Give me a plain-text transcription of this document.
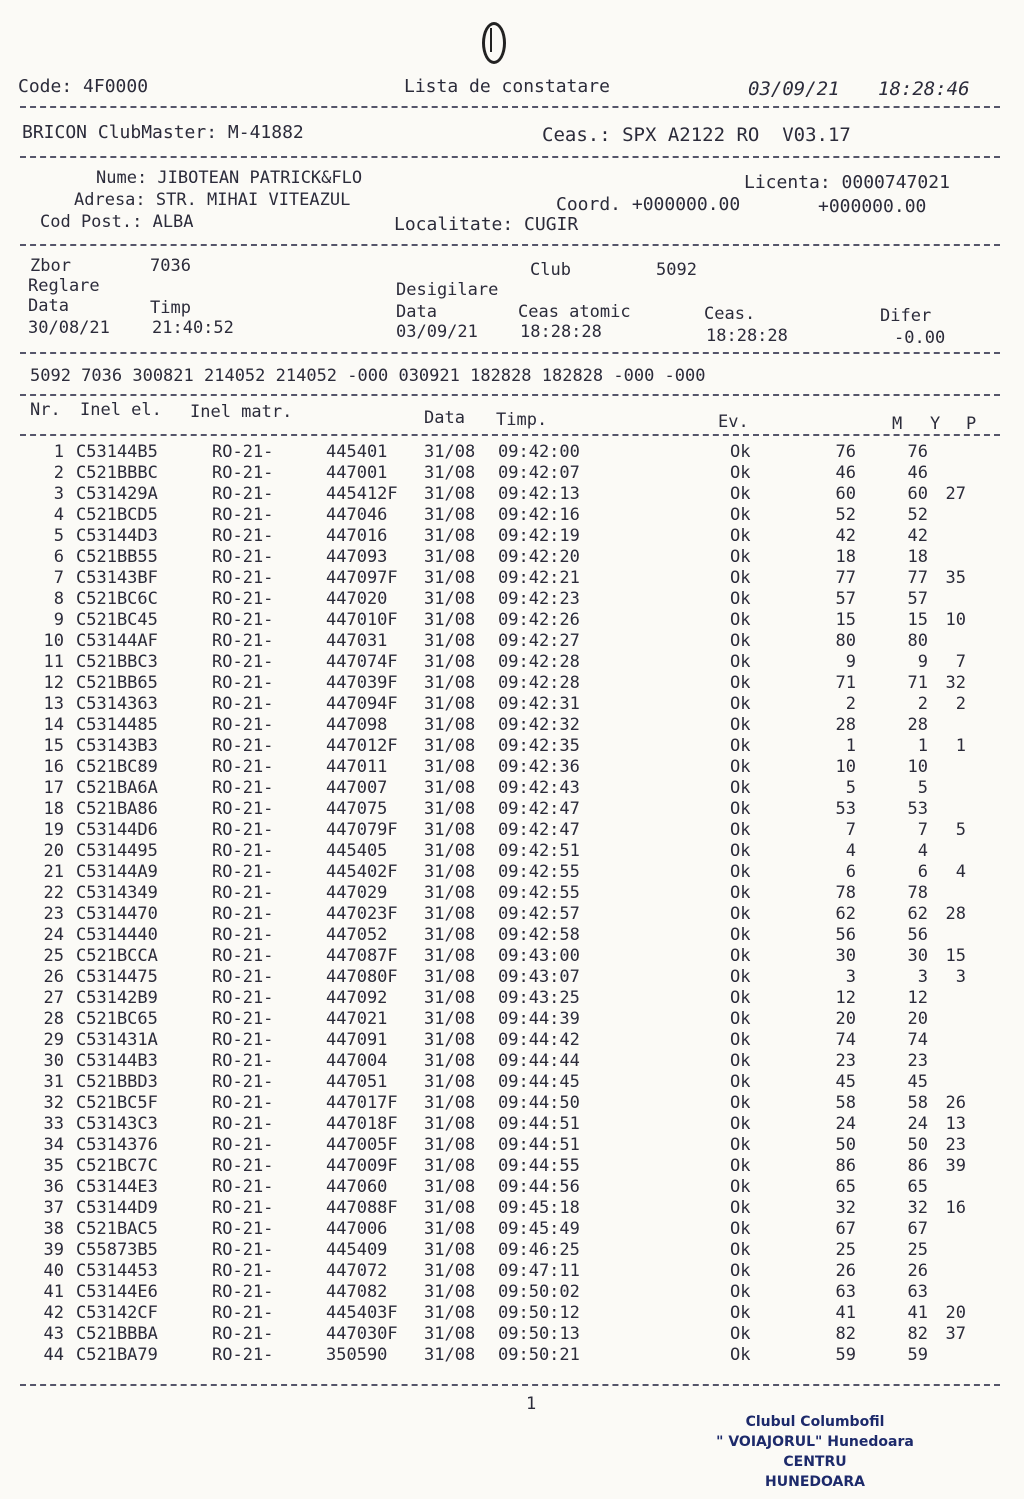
Code: 4F0000	Lista de constatare	03/09/21 18:28:46
BRICON ClubMaster: M-41882	Ceas.: SPX A2122 RO  V03.17
Nume: JIBOTEAN PATRICK&FLO	Licenta: 0000747021
Adresa: STR. MIHAI VITEAZUL	Coord. +000000.00	+000000.00
Cod Post.: ALBA	Localitate: CUGIR
Zbor	7036	Club	5092
Reglare	Desigilare
Data	Timp	Data	Ceas atomic	Ceas.	Difer
30/08/21 21:40:52	03/09/21 18:28:28	18:28:28	-0.00
5092 7036 300821 214052 214052 -000 030921 182828 182828 -000 -000
Nr. Inel el. Inel matr.	Data Timp.	Ev.	M Y P
1 C53144B5	RO-21-	445401 31/08 09:42:00	Ok	76	76
2 C521BBBC	RO-21-	447001 31/08 09:42:07	Ok	46	46
3 C531429A	RO-21-	445412F 31/08 09:42:13	Ok	60	60	27
4 C521BCD5	RO-21-	447046 31/08 09:42:16	Ok	52	52
5 C53144D3	RO-21-	447016 31/08 09:42:19	Ok	42	42
6 C521BB55	RO-21-	447093 31/08 09:42:20	Ok	18	18
7 C53143BF	RO-21-	447097F 31/08 09:42:21	Ok	77	77	35
8 C521BC6C	RO-21-	447020 31/08 09:42:23	Ok	57	57
9 C521BC45	RO-21-	447010F 31/08 09:42:26	Ok	15	15	10
10 C53144AF	RO-21-	447031 31/08 09:42:27	Ok	80	80
11 C521BBC3	RO-21-	447074F 31/08 09:42:28	Ok	9	9	7
12 C521BB65	RO-21-	447039F 31/08 09:42:28	Ok	71	71	32
13 C5314363	RO-21-	447094F 31/08 09:42:31	Ok	2	2	2
14 C5314485	RO-21-	447098 31/08 09:42:32	Ok	28	28
15 C53143B3	RO-21-	447012F 31/08 09:42:35	Ok	1	1	1
16 C521BC89	RO-21-	447011 31/08 09:42:36	Ok	10	10
17 C521BA6A	RO-21-	447007 31/08 09:42:43	Ok	5	5
18 C521BA86	RO-21-	447075 31/08 09:42:47	Ok	53	53
19 C53144D6	RO-21-	447079F 31/08 09:42:47	Ok	7	7	5
20 C5314495	RO-21-	445405 31/08 09:42:51	Ok	4	4
21 C53144A9	RO-21-	445402F 31/08 09:42:55	Ok	6	6	4
22 C5314349	RO-21-	447029 31/08 09:42:55	Ok	78	78
23 C5314470	RO-21-	447023F 31/08 09:42:57	Ok	62	62	28
24 C5314440	RO-21-	447052 31/08 09:42:58	Ok	56	56
25 C521BCCA	RO-21-	447087F 31/08 09:43:00	Ok	30	30	15
26 C5314475	RO-21-	447080F 31/08 09:43:07	Ok	3	3	3
27 C53142B9	RO-21-	447092 31/08 09:43:25	Ok	12	12
28 C521BC65	RO-21-	447021 31/08 09:44:39	Ok	20	20
29 C531431A	RO-21-	447091 31/08 09:44:42	Ok	74	74
30 C53144B3	RO-21-	447004 31/08 09:44:44	Ok	23	23
31 C521BBD3	RO-21-	447051 31/08 09:44:45	Ok	45	45
32 C521BC5F	RO-21-	447017F 31/08 09:44:50	Ok	58	58	26
33 C53143C3	RO-21-	447018F 31/08 09:44:51	Ok	24	24	13
34 C5314376	RO-21-	447005F 31/08 09:44:51	Ok	50	50	23
35 C521BC7C	RO-21-	447009F 31/08 09:44:55	Ok	86	86	39
36 C53144E3	RO-21-	447060 31/08 09:44:56	Ok	65	65
37 C53144D9	RO-21-	447088F 31/08 09:45:18	Ok	32	32	16
38 C521BAC5	RO-21-	447006 31/08 09:45:49	Ok	67	67
39 C55873B5	RO-21-	445409 31/08 09:46:25	Ok	25	25
40 C5314453	RO-21-	447072 31/08 09:47:11	Ok	26	26
41 C53144E6	RO-21-	447082 31/08 09:50:02	Ok	63	63
42 C53142CF	RO-21-	445403F 31/08 09:50:12	Ok	41	41	20
43 C521BBBA	RO-21-	447030F 31/08 09:50:13	Ok	82	82	37
44 C521BA79	RO-21-	350590 31/08 09:50:21	Ok	59	59
1
Clubul Columbofil
" VOIAJORUL" Hunedoara
CENTRU
HUNEDOARA
